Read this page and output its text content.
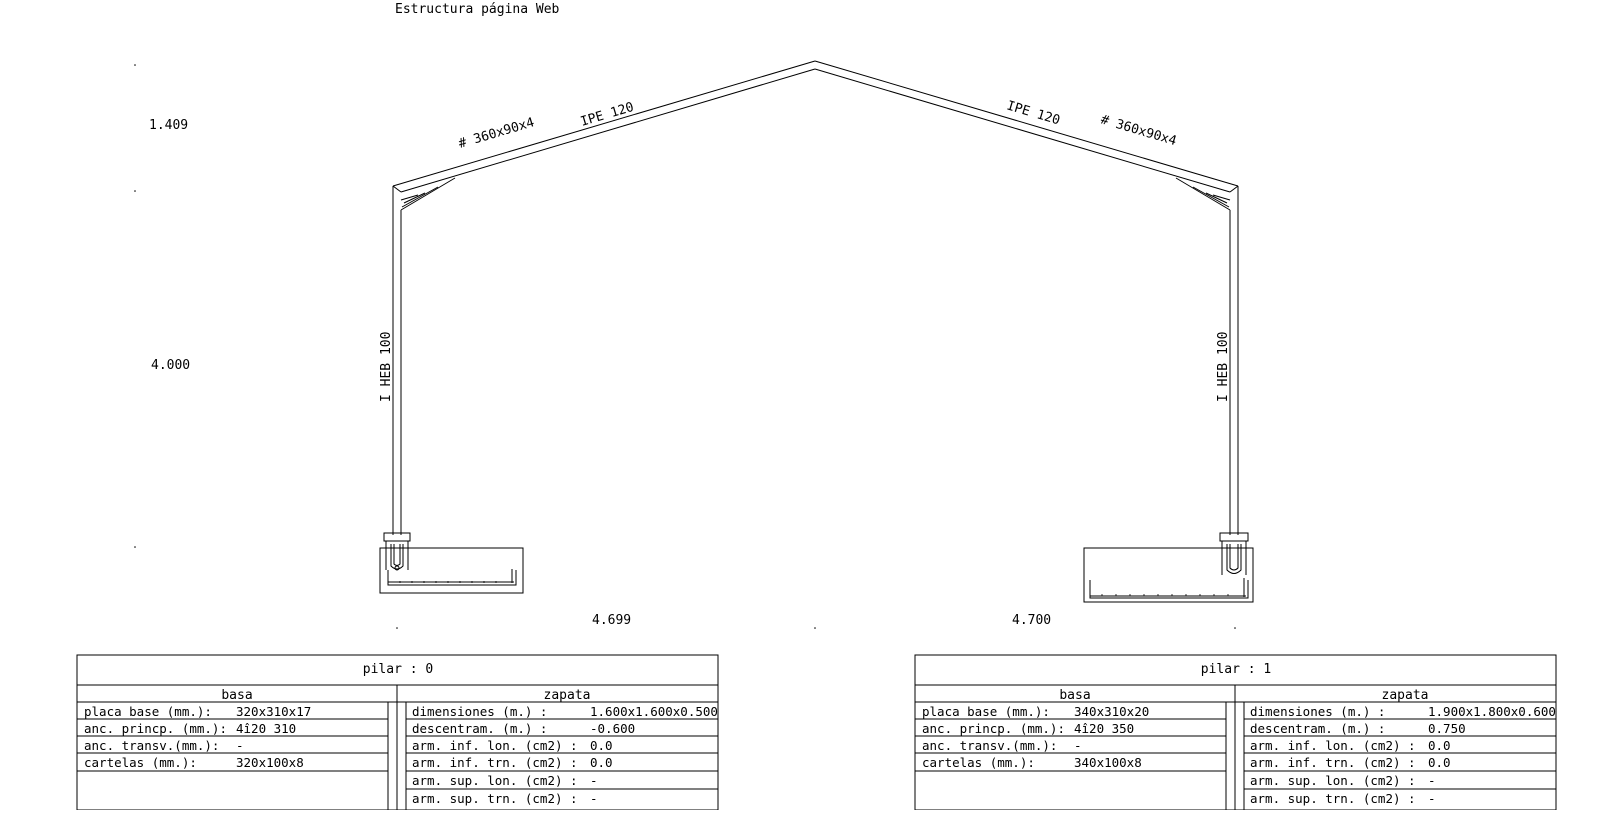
Estructura página Web
1.409
4.000
4.699	4.700
# 360x90x4
IPE 120	IPE 120	# 360x90x4
I HEB 100	I HEB 100
pilar : 0
basa	zapata
placa base (mm.): 320x310x17
anc. princp. (mm.): 4î20 310
anc. transv.(mm.): -
cartelas (mm.):	320x100x8
dimensiones (m.) :	1.600x1.600x0.500
descentram. (m.) :	-0.600
arm. inf. lon. (cm2) : 0.0
arm. inf. trn. (cm2) : 0.0
arm. sup. lon. (cm2) : -
arm. sup. trn. (cm2) : -
pilar : 1
basa	zapata
placa base (mm.): 340x310x20
anc. princp. (mm.): 4î20 350
anc. transv.(mm.): -
cartelas (mm.):	340x100x8
dimensiones (m.) :	1.900x1.800x0.600
descentram. (m.) :	0.750
arm. inf. lon. (cm2) : 0.0
arm. inf. trn. (cm2) : 0.0
arm. sup. lon. (cm2) : -
arm. sup. trn. (cm2) : -
